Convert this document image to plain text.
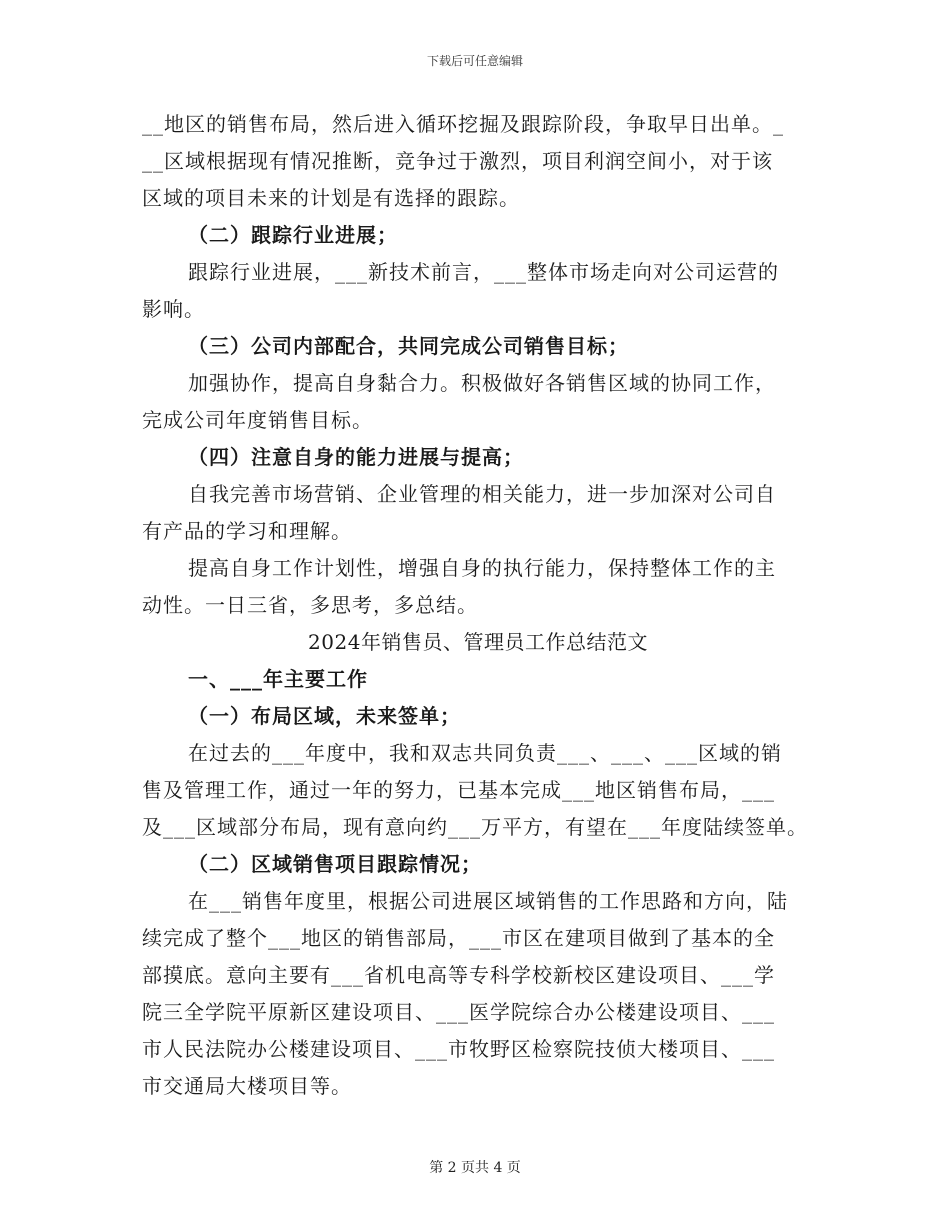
下载后可任意编辑
__地区的销售布局，然后进入循环挖掘及跟踪阶段，争取早日出单。_
__区域根据现有情况推断，竞争过于激烈，项目利润空间小，对于该
区域的项目未来的计划是有选择的跟踪。
（二）跟踪行业进展；
跟踪行业进展，___新技术前言，___整体市场走向对公司运营的
影响。
（三）公司内部配合，共同完成公司销售目标；
加强协作，提高自身黏合力。积极做好各销售区域的协同工作，
完成公司年度销售目标。
（四）注意自身的能力进展与提高；
自我完善市场营销、企业管理的相关能力，进一步加深对公司自
有产品的学习和理解。
提高自身工作计划性，增强自身的执行能力，保持整体工作的主
动性。一日三省，多思考，多总结。
2024年销售员、管理员工作总结范文
一、___年主要工作
（一）布局区域，未来签单；
在过去的___年度中，我和双志共同负责___、___、___区域的销
售及管理工作，通过一年的努力，已基本完成___地区销售布局，___
及___区域部分布局，现有意向约___万平方，有望在___年度陆续签单。
（二）区域销售项目跟踪情况；
在___销售年度里，根据公司进展区域销售的工作思路和方向，陆
续完成了整个___地区的销售部局，___市区在建项目做到了基本的全
部摸底。意向主要有___省机电高等专科学校新校区建设项目、___学
院三全学院平原新区建设项目、___医学院综合办公楼建设项目、___
市人民法院办公楼建设项目、___市牧野区检察院技侦大楼项目、___
市交通局大楼项目等。
第 2 页共 4 页
